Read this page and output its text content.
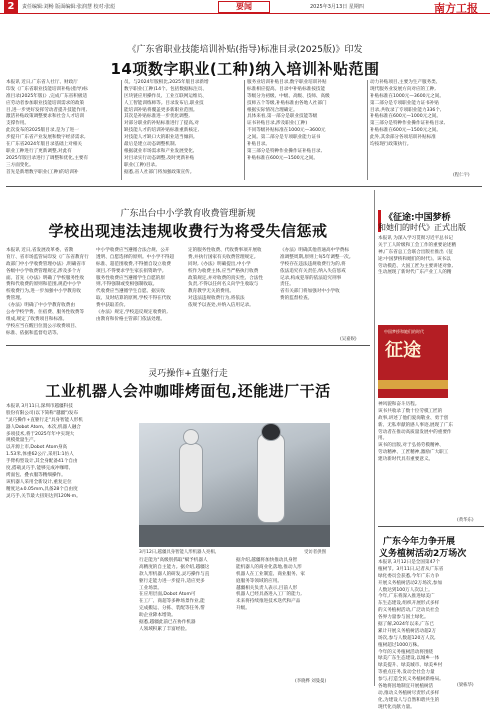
2	责任编辑:刘畅 版面编辑:张润慧 校对:张彪	要闻	2025年3月13日 星期四	南方工报
《广东省职业技能培训补贴(指导)标准目录(2025版)》印发
14项数字职业(工种)纳入培训补贴范围
本报讯 近日,广东省人社厅、财政厅
印发《广东省职业技能培训补贴(指导)标
准目录(2025年版)》,完成广东省积极适
应劳动者参加职业技能培训需求的政策
目,进一步更好发挥劳动者提升技能作用,
激活补贴政策调整要求和社会人才培训
支撑作用。
此次发布的2025版目录,是为了进一
步提升广东省产业发展和数字经济需求,
在广东省2024年版目录基础上对相关
职业工种进行了更新调整,对此有
2025年版目录进行了调整和优化,主要有
三方面变化。
首先是新增数字职业(工种)的培训补
员。与2024年版相比,2025年版目录新增
数字职业(工种)14个。包括数据标注员、
区块链应用操作员、工业互联网运维员、
人工智能训练师等。目录发布后,职业技
能培训补贴将覆盖更多新职业范围。
其次是补贴标准进一步优化调整,
对部分职业的补贴标准进行了提高,对
缺技能人才的培训补贴标准重新核定,
对技能人才缺口大的职业适当倾斜。
最后是建立动态调整机制,
根据就业市场需求和产业发展变化,
对目录实行动态调整,及时更新补贴
职业(工种)目录。
据悉,省人社部门将加强政策宣传。
服务业培训补贴目录,数字职业培训补贴
标准相应提高。目录中补贴标准按技能
等级分为初级、中级、高级、技师、高级
技师五个等级,补贴标准由各地人社部门
根据实际情况合理确定。
具体来看,第一部分是职业技能等级
证书补贴目录,涉及职业(工种)
不同等级补贴标准在1000元—3600元
之间。第二部分是专项职业能力证书
补贴目录。
第三部分是特种作业操作证补贴目录,
补贴标准在600元—1500元之间。
动力补贴项目,主要为生产服务类、
现代服务业发展方向对应的工种,
补贴标准在1000元—3600元之间。
第二部分是专项职业能力证书补贴
目录,共收录了专项职业能力336个,
补贴标准在600元—1000元之间。
第三部分是特种作业操作证补贴目录,
补贴标准在600元—1500元之间。
此外,其余部分各项培训补贴标准
均按现行政策执行。
(程仁宇)
广东出台中小学教育收费管理新规
学校出现违法违规收费行为将受失信惩戒
本报讯 近日,省发展改革委、省教
育厅、省市场监管局印发《广东省教育行
政部门中小学收费管理办法》,明确省市
各级中小学收费管理规定,涉及多个方
面。首先《办法》明确了学校服务性收
费和代收费的原则和范围,规范中小学
校收费行为,进一步加强中小学教育收
费管理。
《办法》明确了中小学教育收费由
公办学校学费、住宿费、服务性收费等
组成,规定了收费项目和标准。
学校应当在醒目位置公示收费项目、
标准、依据和监督电话等。
中小学收费应当遵循合法合规、公开
透明、自愿选择的原则。中小学不得超
标准、超范围收费,不得擅自设立收费
项目,不得要求学生家长捐资助学。
服务性收费应当遵循学生自愿的原
则,不得强制或变相强制收取。
代收费应当遵循学生自愿、据实收
取、及时结算的原则,学校不得在代收
费中获取差价。
《办法》规定,学校违反规定收费的,
由教育和价格主管部门依法处理。
定的服务性收费、代收费事项开展收
费,并执行国家有关收费管理规定。
同时,《办法》明确提出,中小学
校作为收费主体,应当严格执行收费
政策规定,并对收费的真实性、合法性
负责,不得以任何名义向学生收取与
教育教学无关的费用。
对违法违规收费行为,将依法
依规予以查处,并纳入信用记录。
《办法》明确其他普通高中学费标
准调整周期,原则上每5年调整一次。
学校存在违法违规收费行为的,将
依法追究有关责任,纳入失信惩戒
记录,构成犯罪的依法追究刑事
责任。
省有关部门将加强对中小学收
费的监督检查。
(吴嘉娱)
灵巧操作+直躯行走
工业机器人会冲咖啡烤面包,还能进厂干活
本报讯 3月11日,深圳市越疆科技
股份有限公司(以下简称"越疆")发布
"灵巧操作+直躯行走"具身智能人形机
器人Dobot Atom。本次,机器人融合
多项技术,将于2025年年中实现大
规模批量生产。
以开源上市,Dobot Atom身高
1.53米,体重62公斤,采用1:1仿人
手臂构型设计,其全身配备41个自由
度,搭载灵巧手,能够完成冲咖啡、
烤面包、叠衣服等精细操作。
该机器人采用全新设计,重复定位
精度达±0.05mm,具备28个自由度
灵巧手,关节最大扭矩达到120N·m。
3月12日,越疆具身智能人形机器人亮相。	受访者供图
行走能为"高级别抓取"赋予机器人
高精度的自主能力。据介绍,越疆这
款人形机器人的研发,灵巧操作与直
躯行走能力进一步提升,适应更多
工业场景。
在应用层面,Dobot Atom可
在工厂、商超等多种场景作业,能
完成搬运、分拣、装配等任务,帮
助企业降本增效。
据悉,越疆此前已在协作机器
人领域积累了丰富经验。
据介绍,越疆将加快推动具身智
能机器人的商业化落地,推动人形
机器人在工业制造、商业服务、家
庭服务等领域的应用。
越疆相关负责人表示,目前人形
机器人已经具备进入工厂的能力,
未来将持续推进技术迭代和产品
升级。
(李晓桦 刘曼曼)
《征途:中国梦桥
和她们的时代》正式出版
本报讯 为深入学习贯彻习近平总书记
关于工人阶级和工会工作的重要论述精
神,广东省总工会联合出版社推出《征
途:中国梦桥和她们的时代》。该书以
劳动模范、大国工匠为主要讲述对象,
生动展现了新时代广东产业工人的精
中国梦桥和她们的时代
征途
神风貌和奋斗历程。
该书共收录了数十位劳模工匠的
故事,讲述了他们爱岗敬业、勇于创
新、无私奉献的感人事迹,展现了广东
劳动者在推动高质量发展中的重要作
用。
该书的出版,对于弘扬劳模精神、
劳动精神、工匠精神,激励广大职工
建功新时代具有重要意义。
(黄华东)
广东今年力争开展
义务植树活动2万场次
本报讯 3月12日是全国第47个
植树节。3月11日,记者从广东省
绿化委员会获悉,今年广东力争
开展义务植树活动2万场次,参加
人数达到100万人次以上。
今年,广东将深入推进绿美广
东生态建设,组织开展形式多样
的义务植树活动,广泛动员社会
各界力量参与国土绿化。
据了解,2024年以来,广东已
累计开展义务植树活动超2万
场次,参与人数超120万人次,
植树超过1000万株。
今年的义务植树活动将围绕
绿美广东生态建设,以城乡一体
绿美提升、绿美城市、绿美乡村
等重点任务,发动全社会力量
参与,打造全民义务植树新格局。
各地将因地制宜开展植树活
动,推动义务植树尽责形式多样
化,为建设人与自然和谐共生的
现代化贡献力量。
(梁栋华)
